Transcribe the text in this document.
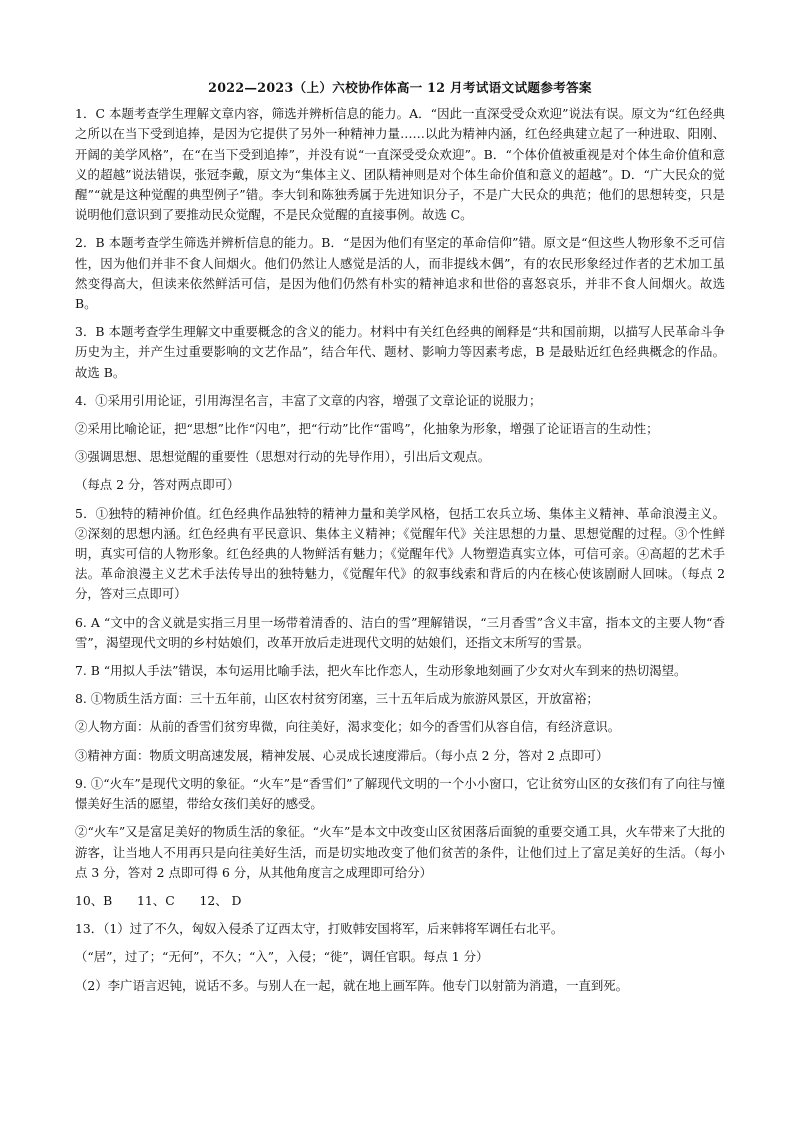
2022—2023（上）六校协作体高一 12 月考试语文试题参考答案
1．C 本题考查学生理解文章内容，筛选并辨析信息的能力。A．“因此一直深受受众欢迎”说法有误。原文为“红色经典之所以在当下受到追捧，是因为它提供了另外一种精神力量……以此为精神内涵，红色经典建立起了一种进取、阳刚、开阔的美学风格”，在“在当下受到追捧”，并没有说“一直深受受众欢迎”。B．“个体价值被重视是对个体生命价值和意义的超越”说法错误，张冠李戴，原文为“集体主义、团队精神则是对个体生命价值和意义的超越”。D．“广大民众的觉醒”“就是这种觉醒的典型例子”错。李大钊和陈独秀属于先进知识分子，不是广大民众的典范；他们的思想转变，只是说明他们意识到了要推动民众觉醒，不是民众觉醒的直接事例。故选 C。
2．B 本题考查学生筛选并辨析信息的能力。B．“是因为他们有坚定的革命信仰”错。原文是“但这些人物形象不乏可信性，因为他们并非不食人间烟火。他们仍然让人感觉是活的人，而非提线木偶”，有的农民形象经过作者的艺术加工虽然变得高大，但读来依然鲜活可信，是因为他们仍然有朴实的精神追求和世俗的喜怒哀乐，并非不食人间烟火。故选 B。
3．B 本题考查学生理解文中重要概念的含义的能力。材料中有关红色经典的阐释是“共和国前期，以描写人民革命斗争历史为主，并产生过重要影响的文艺作品”，结合年代、题材、影响力等因素考虑，B 是最贴近红色经典概念的作品。故选 B。
4．①采用引用论证，引用海涅名言，丰富了文章的内容，增强了文章论证的说服力；
②采用比喻论证，把“思想”比作“闪电”，把“行动”比作“雷鸣”，化抽象为形象，增强了论证语言的生动性；
③强调思想、思想觉醒的重要性（思想对行动的先导作用），引出后文观点。
（每点 2 分，答对两点即可）
5．①独特的精神价值。红色经典作品独特的精神力量和美学风格，包括工农兵立场、集体主义精神、革命浪漫主义。②深刻的思想内涵。红色经典有平民意识、集体主义精神；《觉醒年代》关注思想的力量、思想觉醒的过程。③个性鲜明，真实可信的人物形象。红色经典的人物鲜活有魅力；《觉醒年代》人物塑造真实立体，可信可亲。④高超的艺术手法。革命浪漫主义艺术手法传导出的独特魅力，《觉醒年代》的叙事线索和背后的内在核心使该剧耐人回味。（每点 2 分，答对三点即可）
6. A “文中的含义就是实指三月里一场带着清香的、洁白的雪”理解错误，“三月香雪”含义丰富，指本文的主要人物“香雪”，渴望现代文明的乡村姑娘们，改革开放后走进现代文明的姑娘们，还指文末所写的雪景。
7. B “用拟人手法”错误，本句运用比喻手法，把火车比作恋人，生动形象地刻画了少女对火车到来的热切渴望。
8. ①物质生活方面：三十五年前，山区农村贫穷闭塞，三十五年后成为旅游风景区，开放富裕；
②人物方面：从前的香雪们贫穷卑微，向往美好，渴求变化；如今的香雪们从容自信，有经济意识。
③精神方面：物质文明高速发展，精神发展、心灵成长速度滞后。（每小点 2 分，答对 2 点即可）
9. ①“火车”是现代文明的象征。“火车”是“香雪们”了解现代文明的一个小小窗口，它让贫穷山区的女孩们有了向往与憧憬美好生活的愿望，带给女孩们美好的感受。
②“火车”又是富足美好的物质生活的象征。“火车”是本文中改变山区贫困落后面貌的重要交通工具，火车带来了大批的游客，让当地人不用再只是向往美好生活，而是切实地改变了他们贫苦的条件，让他们过上了富足美好的生活。（每小点 3 分，答对 2 点即可得 6 分，从其他角度言之成理即可给分）
10、B　　11、C　　12、 D
13．（1）过了不久，匈奴入侵杀了辽西太守，打败韩安国将军，后来韩将军调任右北平。
（“居”，过了；“无何”，不久；“入”，入侵；“徙”，调任官职。每点 1 分）
（2）李广语言迟钝，说话不多。与别人在一起，就在地上画军阵。他专门以射箭为消遣，一直到死。
